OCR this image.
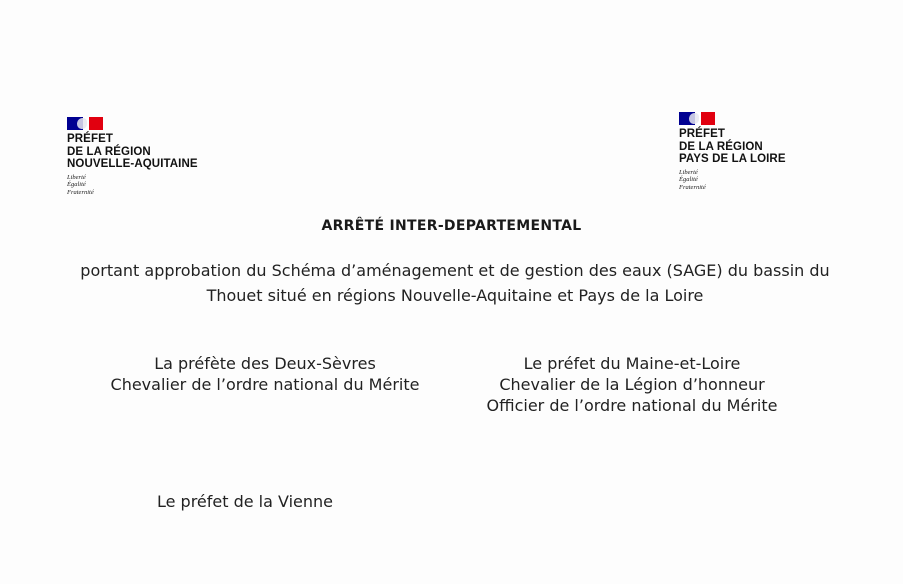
PRÉFET
DE LA RÉGION
NOUVELLE-AQUITAINE
Liberté
Égalité
Fraternité
PRÉFET
DE LA RÉGION
PAYS DE LA LOIRE
Liberté
Égalité
Fraternité
ARRÊTÉ INTER-DEPARTEMENTAL
portant approbation du Schéma d’aménagement et de gestion des eaux (SAGE) du bassin du
Thouet situé en régions Nouvelle-Aquitaine et Pays de la Loire
La préfète des Deux-Sèvres
Chevalier de l’ordre national du Mérite
Le préfet du Maine-et-Loire
Chevalier de la Légion d’honneur
Officier de l’ordre national du Mérite
Le préfet de la Vienne
